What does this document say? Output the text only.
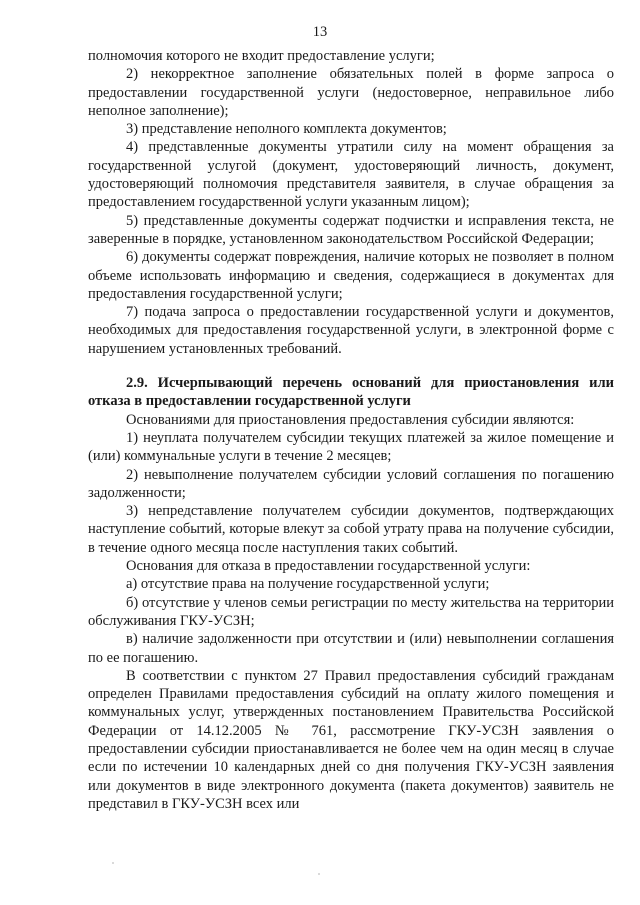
13

полномочия которого не входит предоставление услуги;

2) некорректное заполнение обязательных полей в форме запроса о предоставлении государственной услуги (недостоверное, неправильное либо неполное заполнение);

3) представление неполного комплекта документов;

4) представленные документы утратили силу на момент обращения за государственной услугой (документ, удостоверяющий личность, документ, удостоверяющий полномочия представителя заявителя, в случае обращения за предоставлением государственной услуги указанным лицом);

5) представленные документы содержат подчистки и исправления текста, не заверенные в порядке, установленном законодательством Российской Федерации;

6) документы содержат повреждения, наличие которых не позволяет в полном объеме использовать информацию и сведения, содержащиеся в документах для предоставления государственной услуги;

7) подача запроса о предоставлении государственной услуги и документов, необходимых для предоставления государственной услуги, в электронной форме с нарушением установленных требований.

2.9. Исчерпывающий перечень оснований для приостановления или отказа в предоставлении государственной услуги

Основаниями для приостановления предоставления субсидии являются:

1) неуплата получателем субсидии текущих платежей за жилое помещение и (или) коммунальные услуги в течение 2 месяцев;

2) невыполнение получателем субсидии условий соглашения по погашению задолженности;

3) непредставление получателем субсидии документов, подтверждающих наступление событий, которые влекут за собой утрату права на получение субсидии, в течение одного месяца после наступления таких событий.

Основания для отказа в предоставлении государственной услуги:

а) отсутствие права на получение государственной услуги;

б) отсутствие у членов семьи регистрации по месту жительства на территории обслуживания ГКУ-УСЗН;

в) наличие задолженности при отсутствии и (или) невыполнении соглашения по ее погашению.

В соответствии с пунктом 27 Правил предоставления субсидий гражданам определен Правилами предоставления субсидий на оплату жилого помещения и коммунальных услуг, утвержденных постановлением Правительства Российской Федерации от 14.12.2005 № 761, рассмотрение ГКУ-УСЗН заявления о предоставлении субсидии приостанавливается не более чем на один месяц в случае если по истечении 10 календарных дней со дня получения ГКУ-УСЗН заявления или документов в виде электронного документа (пакета документов) заявитель не представил в ГКУ-УСЗН всех или
